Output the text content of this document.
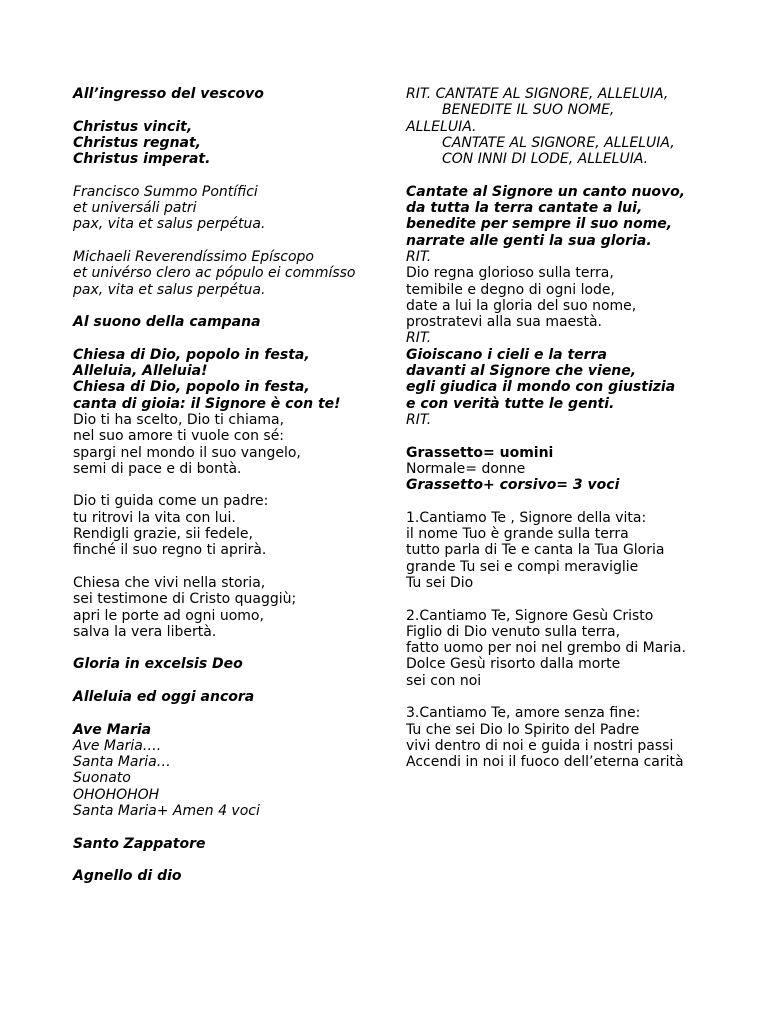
All’ingresso del vescovo
Christus vincit,
Christus regnat,
Christus imperat.
Francisco Summo Pontífici
et universáli patri
pax, vita et salus perpétua.
Michaeli Reverendíssimo Epíscopo
et univérso clero ac pópulo ei commísso
pax, vita et salus perpétua.
Al suono della campana
Chiesa di Dio, popolo in festa,
Alleluia, Alleluia!
Chiesa di Dio, popolo in festa,
canta di gioia: il Signore è con te!
Dio ti ha scelto, Dio ti chiama,
nel suo amore ti vuole con sé:
spargi nel mondo il suo vangelo,
semi di pace e di bontà.
Dio ti guida come un padre:
tu ritrovi la vita con lui.
Rendigli grazie, sii fedele,
finché il suo regno ti aprirà.
Chiesa che vivi nella storia,
sei testimone di Cristo quaggiù;
apri le porte ad ogni uomo,
salva la vera libertà.
Gloria in excelsis Deo
Alleluia ed oggi ancora
Ave Maria
Ave Maria….
Santa Maria…
Suonato
OHOHOHOH
Santa Maria+ Amen 4 voci
Santo Zappatore
Agnello di dio
RIT. CANTATE AL SIGNORE, ALLELUIA,
BENEDITE IL SUO NOME,
ALLELUIA.
CANTATE AL SIGNORE, ALLELUIA,
CON INNI DI LODE, ALLELUIA.
Cantate al Signore un canto nuovo,
da tutta la terra cantate a lui,
benedite per sempre il suo nome,
narrate alle genti la sua gloria.
RIT.
Dio regna glorioso sulla terra,
temibile e degno di ogni lode,
date a lui la gloria del suo nome,
prostratevi alla sua maestà.
RIT.
Gioiscano i cieli e la terra
davanti al Signore che viene,
egli giudica il mondo con giustizia
e con verità tutte le genti.
RIT.
Grassetto= uomini
Normale= donne
Grassetto+ corsivo= 3 voci
1.Cantiamo Te , Signore della vita:
il nome Tuo è grande sulla terra
tutto parla di Te e canta la Tua Gloria
grande Tu sei e compi meraviglie
Tu sei Dio
2.Cantiamo Te, Signore Gesù Cristo
Figlio di Dio venuto sulla terra,
fatto uomo per noi nel grembo di Maria.
Dolce Gesù risorto dalla morte
sei con noi
3.Cantiamo Te, amore senza fine:
Tu che sei Dio lo Spirito del Padre
vivi dentro di noi e guida i nostri passi
Accendi in noi il fuoco dell’eterna carità
